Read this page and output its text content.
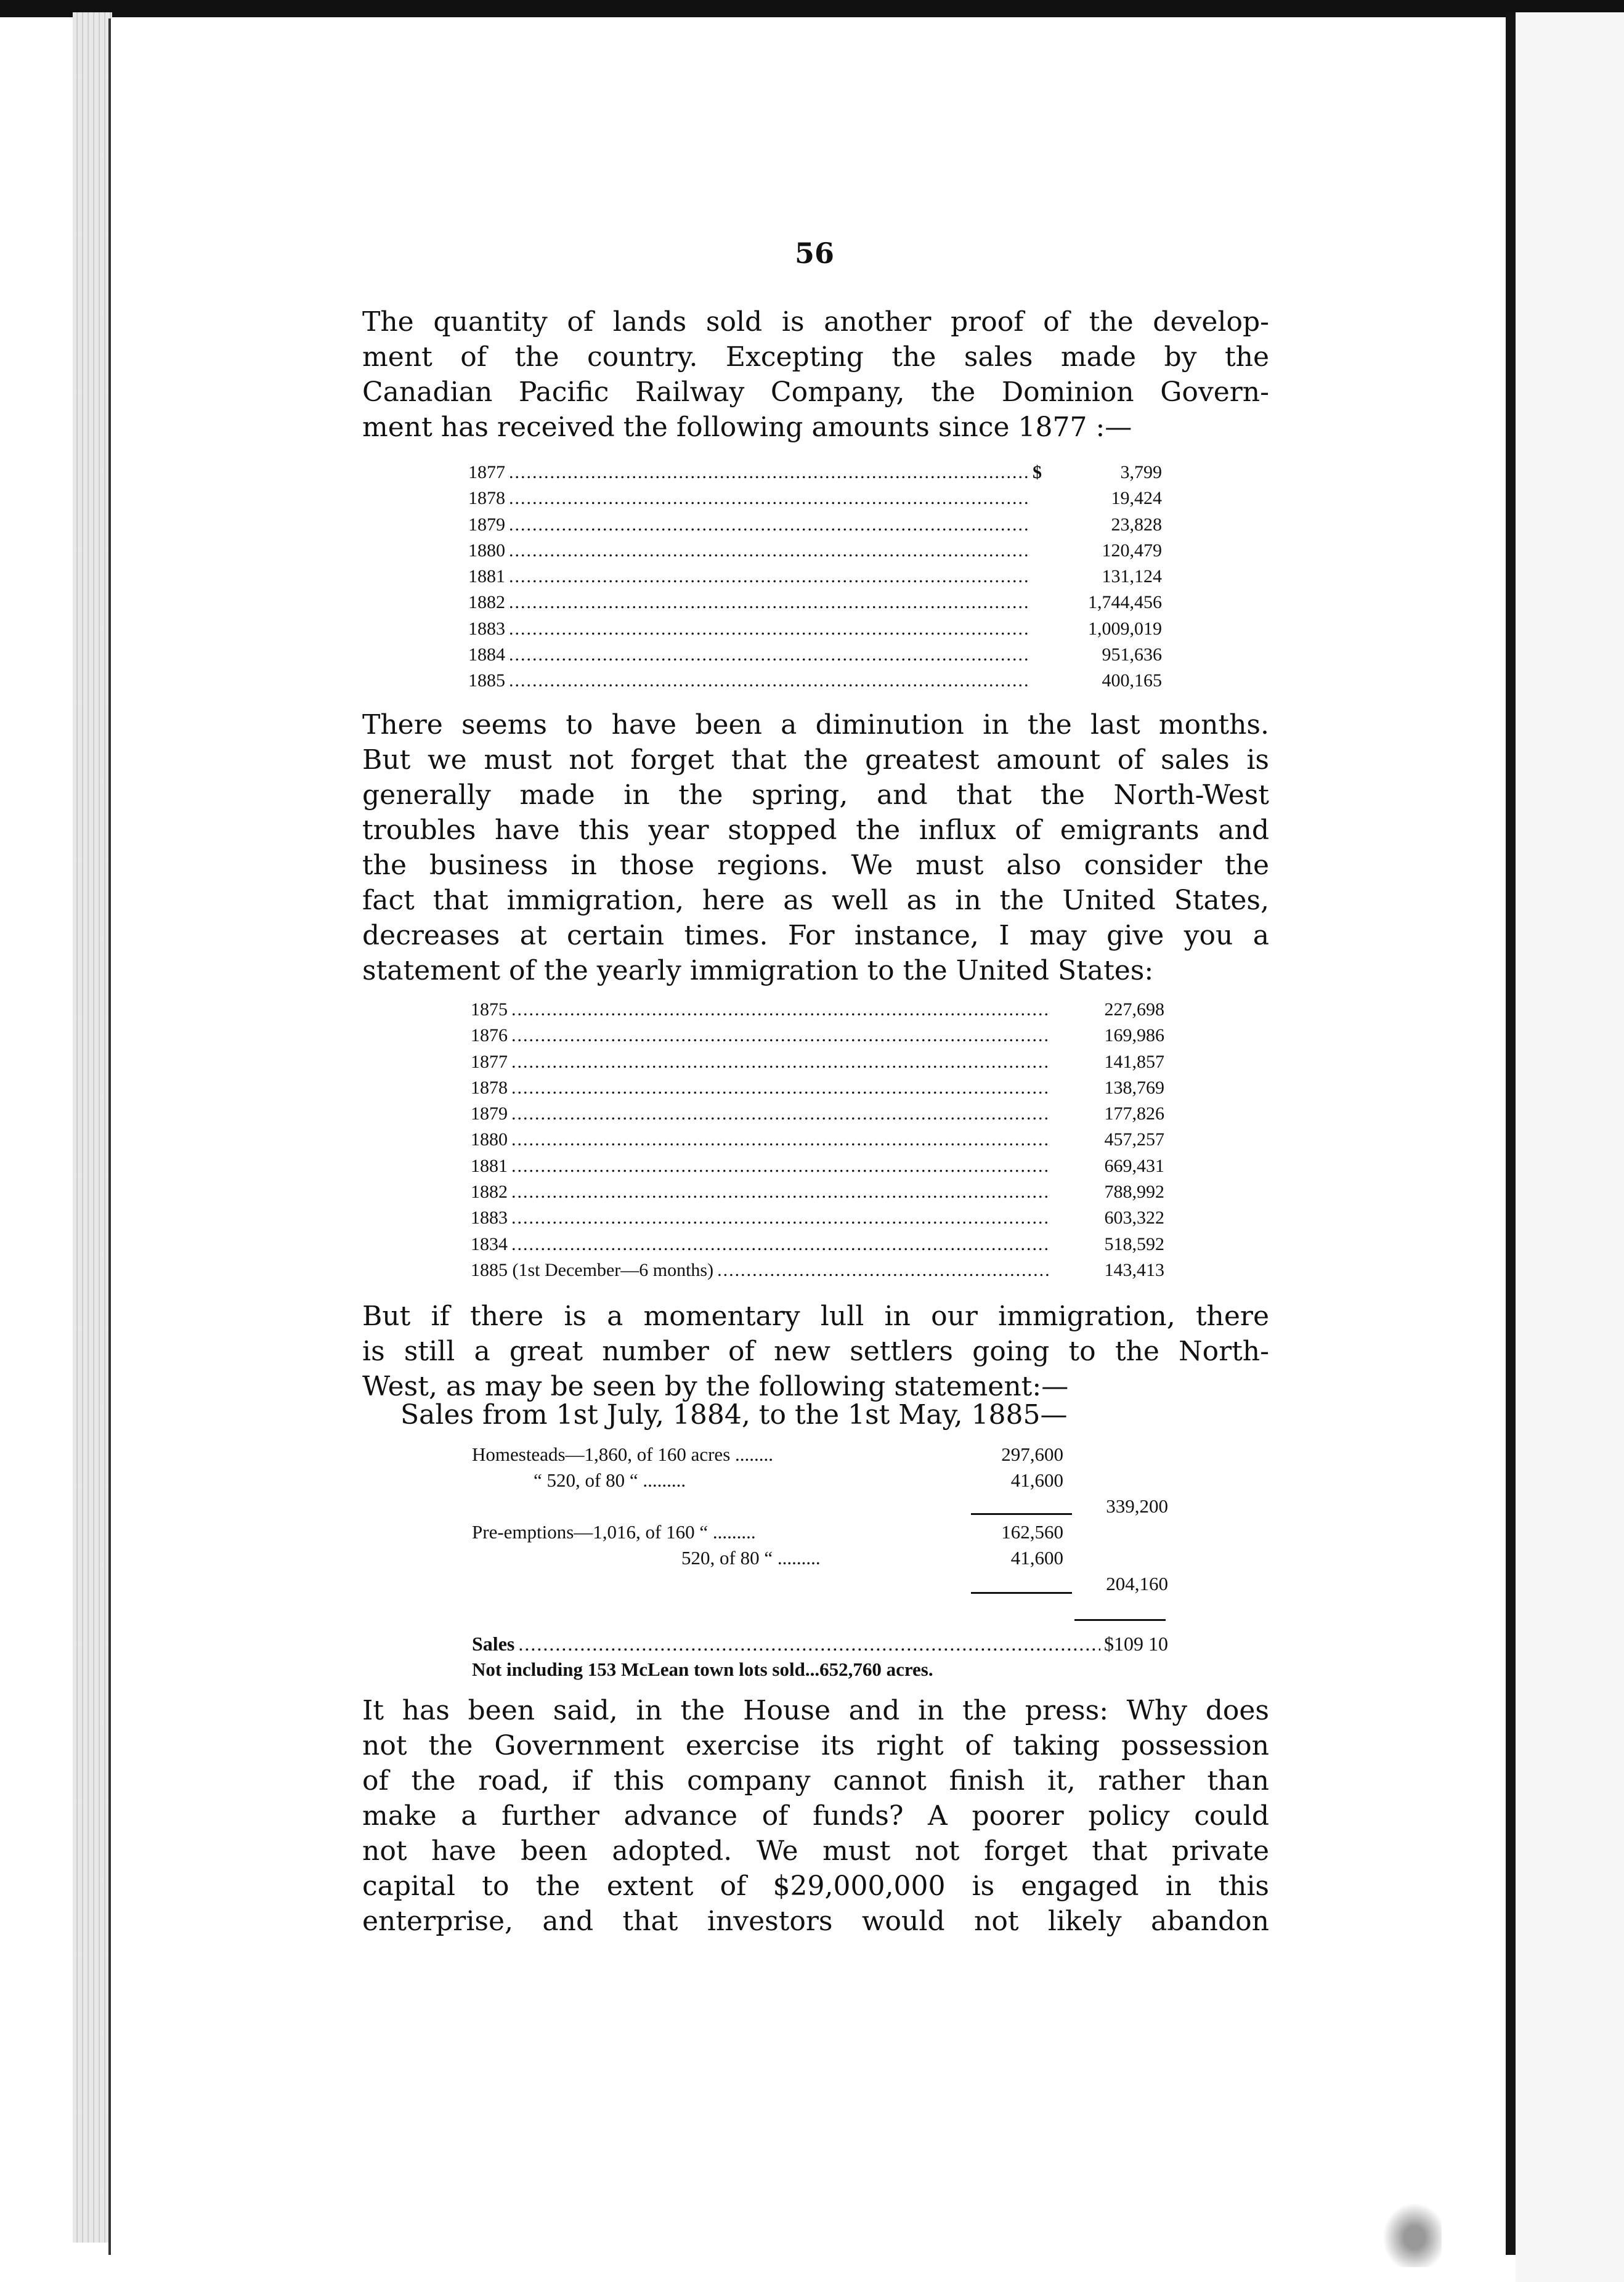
56
The quantity of lands sold is another proof of the develop-
ment of the country. Excepting the sales made by the
Canadian Pacific Railway Company, the Dominion Govern-
ment has received the following amounts since 1877 :—
1877 .....	$	3,799
1878 .....	19,424
1879 .....	23,828
1880 .....	120,479
1881 .....	131,124
1882 .....	1,744,456
1883 .....	1,009,019
1884 .....	951,636
1885 .....	400,165
There seems to have been a diminution in the last months.
But we must not forget that the greatest amount of sales is
generally made in the spring, and that the North-West
troubles have this year stopped the influx of emigrants and
the business in those regions. We must also consider the
fact that immigration, here as well as in the United States,
decreases at certain times. For instance, I may give you a
statement of the yearly immigration to the United States:
1875 .....	227,698
1876 .....	169,986
1877 .....	141,857
1878 .....	138,769
1879 .....	177,826
1880 .....	457,257
1881 .....	669,431
1882 .....	788,992
1883 .....	603,322
1834 .....	518,592
1885 (1st December—6 months) .....	143,413
But if there is a momentary lull in our immigration, there
is still a great number of new settlers going to the North-
West, as may be seen by the following statement:—
Sales from 1st July, 1884, to the 1st May, 1885—
Homesteads—1,860, of 160 acres ........	297,600
“ 520, of 80 “ .........	41,600
339,200
Pre-emptions—1,016, of 160 “ .........	162,560
520, of 80 “ .........	41,600
204,160
Sales .....	$109 10
Not including 153 McLean town lots sold...652,760 acres.
It has been said, in the House and in the press: Why does
not the Government exercise its right of taking possession
of the road, if this company cannot finish it, rather than
make a further advance of funds? A poorer policy could
not have been adopted. We must not forget that private
capital to the extent of $29,000,000 is engaged in this
enterprise, and that investors would not likely abandon
